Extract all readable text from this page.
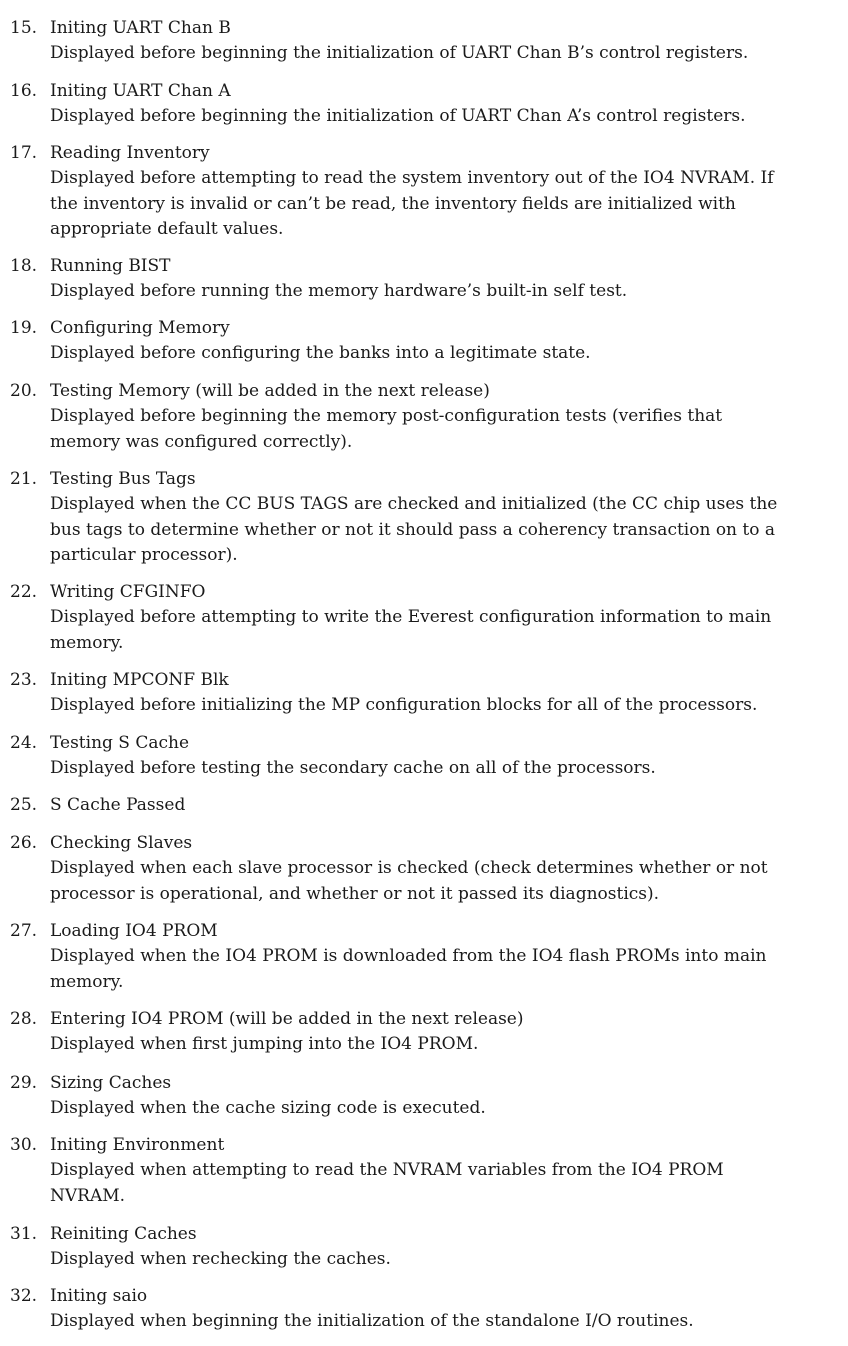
15. Initing UART Chan B

Displayed before beginning the initialization of UART Chan B’s control registers.

16. Initing UART Chan A

Displayed before beginning the initialization of UART Chan A’s control registers.

17. Reading Inventory

Displayed before attempting to read the system inventory out of the IO4 NVRAM. If
the inventory is invalid or can’t be read, the inventory fields are initialized with
appropriate default values.

18. Running BIST

Displayed before running the memory hardware’s built-in self test.

19. Configuring Memory

Displayed before configuring the banks into a legitimate state.

20. Testing Memory (will be added in the next release)

Displayed before beginning the memory post-configuration tests (verifies that
memory was configured correctly).

21. Testing Bus Tags

Displayed when the CC BUS TAGS are checked and initialized (the CC chip uses the
bus tags to determine whether or not it should pass a coherency transaction on to a
particular processor).

22. Writing CFGINFO

Displayed before attempting to write the Everest configuration information to main
memory.

23. Initing MPCONF Blk

Displayed before initializing the MP configuration blocks for all of the processors.

24. Testing S Cache

Displayed before testing the secondary cache on all of the processors.

25. S Cache Passed
26. Checking Slaves

Displayed when each slave processor is checked (check determines whether or not
processor is operational, and whether or not it passed its diagnostics).

27. Loading IO4 PROM

Displayed when the IO4 PROM is downloaded from the IO4 flash PROMs into main
memory.

28. Entering IO4 PROM (will be added in the next release)

Displayed when first jumping into the IO4 PROM.

29. Sizing Caches

Displayed when the cache sizing code is executed.

30. Initing Environment

Displayed when attempting to read the NVRAM variables from the IO4 PROM
NVRAM.

31. Reiniting Caches

Displayed when rechecking the caches.

32. Initing saio

Displayed when beginning the initialization of the standalone I/O routines.
